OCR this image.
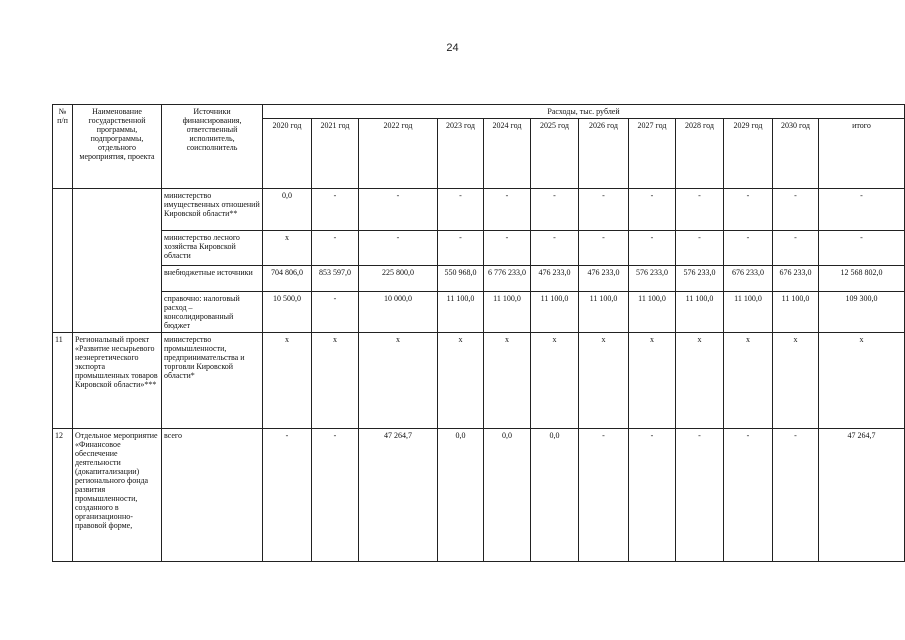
24
№ п/п	Наименование государственной программы, подпрограммы, отдельного мероприятия, проекта	Источники финансирования, ответственный исполнитель, соисполнитель	Расходы, тыс. рублей											
			2020 год	2021 год	2022 год	2023 год	2024 год	2025 год	2026 год	2027 год	2028 год	2029 год	2030 год	итого
		министерство имущественных отношений Кировской области**	0,0	-	-	-	-	-	-	-	-	-	-	-
		министерство лесного хозяйства Кировской области	х	-	-	-	-	-	-	-	-	-	-	-
		внебюджетные источники	704 806,0	853 597,0	225 800,0	550 968,0	6 776 233,0	476 233,0	476 233,0	576 233,0	576 233,0	676 233,0	676 233,0	12 568 802,0
		справочно: налоговый расход – консолидированный бюджет	10 500,0	-	10 000,0	11 100,0	11 100,0	11 100,0	11 100,0	11 100,0	11 100,0	11 100,0	11 100,0	109 300,0
11	Региональный проект «Развитие несырьевого неэнергетического экспорта промышленных товаров Кировской области»***	министерство промышленности, предпринимательства и торговли Кировской области*	х	х	х	х	х	х	х	х	х	х	х	х
12	Отдельное мероприятие «Финансовое обеспечение деятельности (докапитализации) регионального фонда развития промышленности, созданного в организационно-правовой форме,	всего	-	-	47 264,7	0,0	0,0	0,0	-	-	-	-	-	47 264,7
